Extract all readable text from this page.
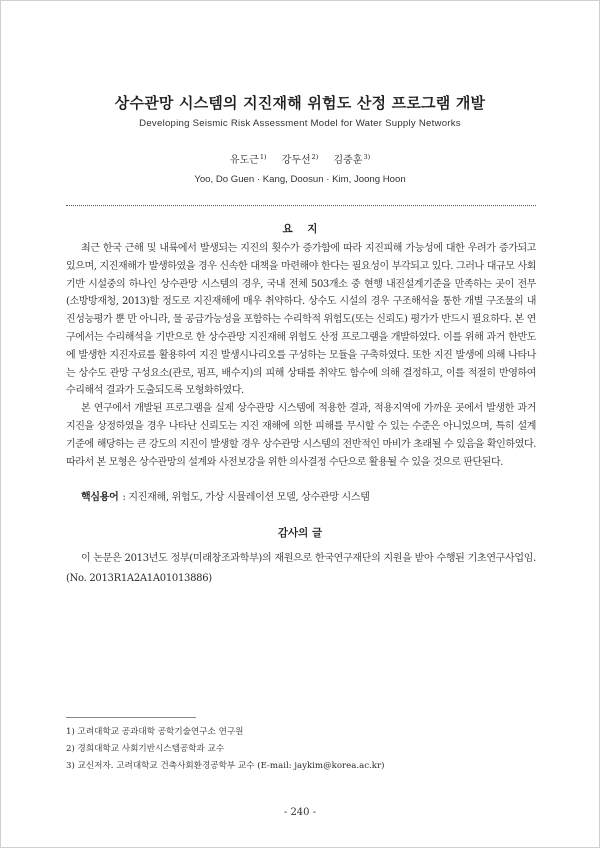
상수관망 시스템의 지진재해 위험도 산정 프로그램 개발
Developing Seismic Risk Assessment Model for Water Supply Networks
유도근$^{1)}$ 강두선$^{2)}$ 김중훈$^{3)}$
Yoo, Do Guen · Kang, Doosun · Kim, Joong Hoon
요    지

최근 한국 근해 및 내륙에서 발생되는 지진의 횟수가 증가함에 따라 지진피해 가능성에 대한 우려가 증가되고 있으며, 지진재해가 발생하였을 경우 신속한 대책을 마련해야 한다는 필요성이 부각되고 있다. 그러나 대규모 사회기반 시설중의 하나인 상수관망 시스템의 경우, 국내 전체 503개소 중 현행 내진설계기준을 만족하는 곳이 전무(소방방재청, 2013)할 정도로 지진재해에 매우 취약하다. 상수도 시설의 경우 구조해석을 통한 개별 구조물의 내진성능평가 뿐 만 아니라, 물 공급가능성을 포함하는 수리학적 위험도(또는 신뢰도) 평가가 반드시 필요하다. 본 연구에서는 수리해석을 기반으로 한 상수관망 지진재해 위험도 산정 프로그램을 개발하였다. 이를 위해 과거 한반도에 발생한 지진자료를 활용하여 지진 발생시나리오를 구성하는 모듈을 구축하였다. 또한 지진 발생에 의해 나타나는 상수도 관망 구성요소(관로, 펌프, 배수지)의 피해 상태를 취약도 함수에 의해 결정하고, 이를 적절히 반영하여 수리해석 결과가 도출되도록 모형화하였다.

본 연구에서 개발된 프로그램을 실제 상수관망 시스템에 적용한 결과, 적용지역에 가까운 곳에서 발생한 과거 지진을 상정하였을 경우 나타난 신뢰도는 지진 재해에 의한 피해를 무시할 수 있는 수준은 아니었으며, 특히 설계 기준에 해당하는 큰 강도의 지진이 발생할 경우 상수관망 시스템의 전반적인 마비가 초래될 수 있음을 확인하였다. 따라서 본 모형은 상수관망의 설계와 사전보강을 위한 의사결정 수단으로 활용될 수 있을 것으로 판단된다.

핵심용어 : 지진재해, 위험도, 가상 시뮬레이션 모델, 상수관망 시스템
감사의 글

이 논문은 2013년도 정부(미래창조과학부)의 재원으로 한국연구재단의 지원을 받아 수행된 기초연구사업임. (No. 2013R1A2A1A01013886)

1) 고려대학교 공과대학 공학기술연구소 연구원
2) 경희대학교 사회기반시스템공학과 교수
3) 교신저자. 고려대학교 건축사회환경공학부 교수 (E-mail: jaykim@korea.ac.kr)
- 240 -
